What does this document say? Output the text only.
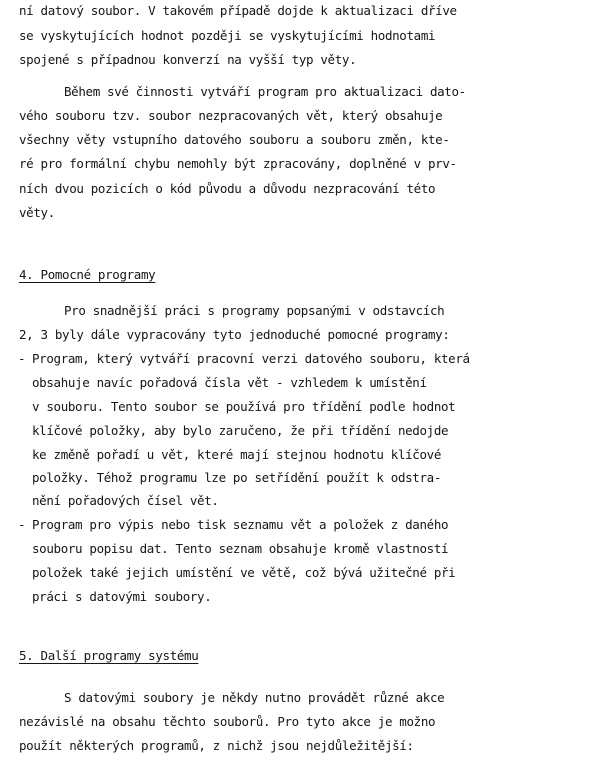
ní datový soubor. V takovém případě dojde k aktualizaci dříve
se vyskytujících hodnot později se vyskytujícími hodnotami
spojené s případnou konverzí na vyšší typ věty.
Během své činnosti vytváří program pro aktualizaci dato-
vého souboru tzv. soubor nezpracovaných vět, který obsahuje
všechny věty vstupního datového souboru a souboru změn, kte-
ré pro formální chybu nemohly být zpracovány, doplněné v prv-
ních dvou pozicích o kód původu a důvodu nezpracování této
věty.
4. Pomocné programy
Pro snadnější práci s programy popsanými v odstavcích
2, 3 byly dále vypracovány tyto jednoduché pomocné programy:
- Program, který vytváří pracovní verzi datového souboru, která
obsahuje navíc pořadová čísla vět - vzhledem k umístění
v souboru. Tento soubor se používá pro třídění podle hodnot
klíčové položky, aby bylo zaručeno, že při třídění nedojde
ke změně pořadí u vět, které mají stejnou hodnotu klíčové
položky. Téhož programu lze po setřídění použít k odstra-
nění pořadových čísel vět.
- Program pro výpis nebo tisk seznamu vět a položek z daného
souboru popisu dat. Tento seznam obsahuje kromě vlastností
položek také jejich umístění ve větě, což bývá užitečné při
práci s datovými soubory.
5. Další programy systému
S datovými soubory je někdy nutno provádět různé akce
nezávislé na obsahu těchto souborů. Pro tyto akce je možno
použít některých programů, z nichž jsou nejdůležitější:
